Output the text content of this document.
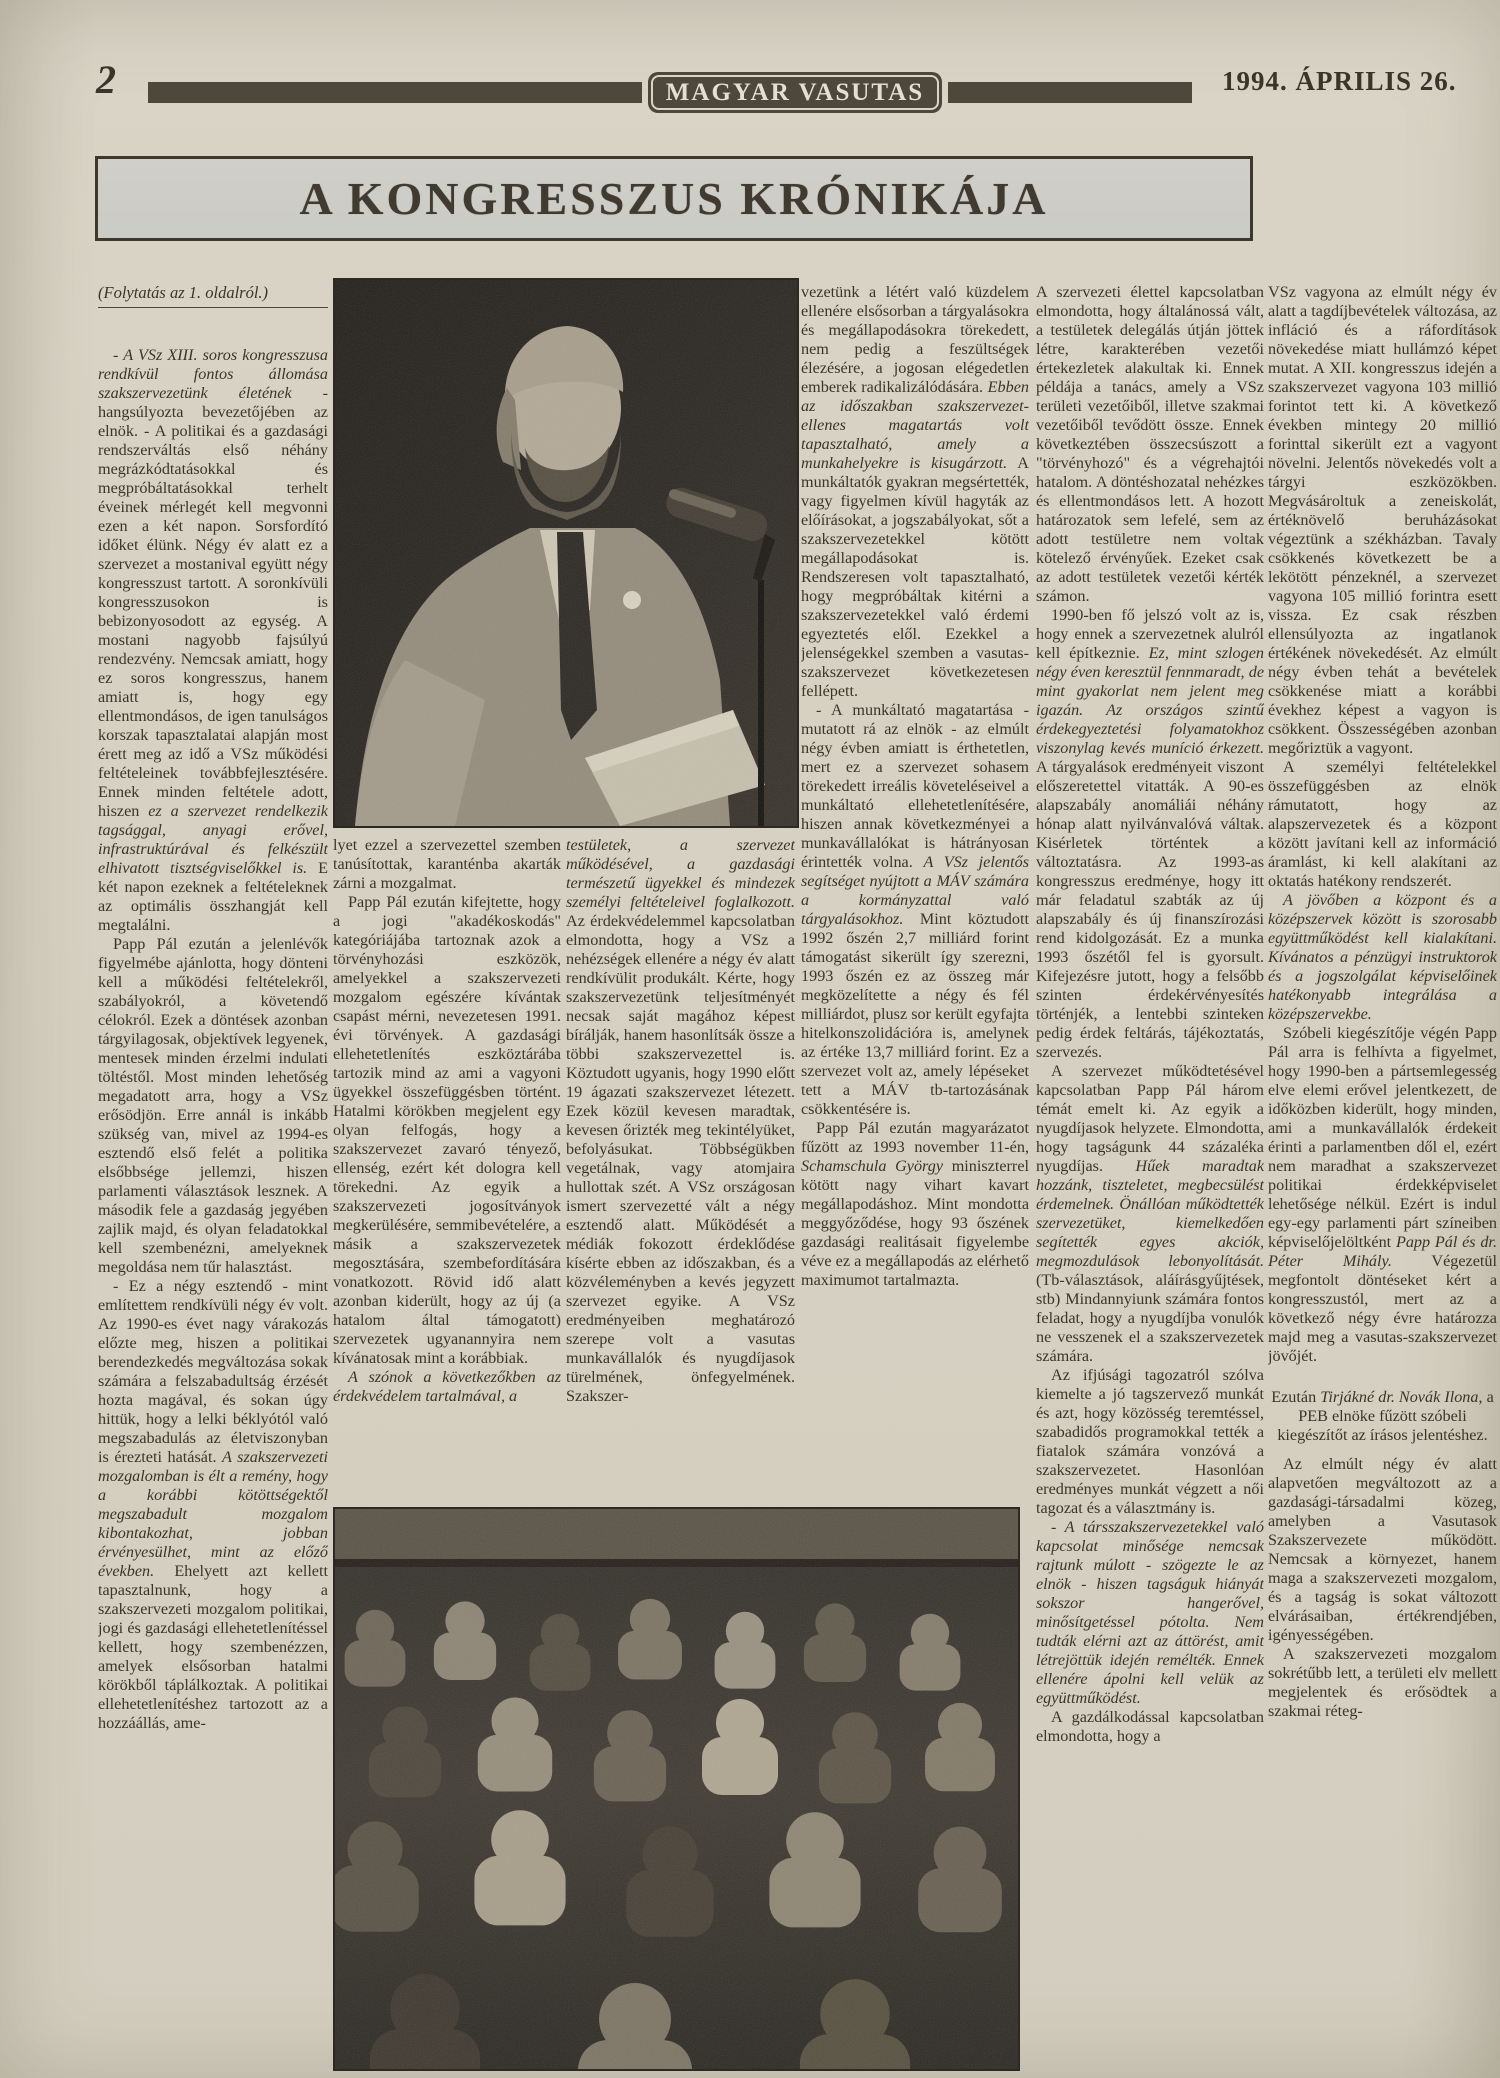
2	MAGYAR VASUTAS	1994. ÁPRILIS 26.
A KONGRESSZUS KRÓNIKÁJA
(Folytatás az 1. oldalról.)

- A VSz XIII. soros kongresszusa rendkívül fontos állomása szakszervezetünk életének - hangsúlyozta bevezetőjében az elnök. - A politikai és a gazdasági rendszerváltás első néhány megrázkódtatásokkal és megpróbáltatásokkal terhelt éveinek mérlegét kell megvonni ezen a két napon. Sorsfordító időket élünk. Négy év alatt ez a szervezet a mostanival együtt négy kongresszust tartott. A soronkívüli kongresszusokon is bebizonyosodott az egység. A mostani nagyobb fajsúlyú rendezvény. Nemcsak amiatt, hogy ez soros kongresszus, hanem amiatt is, hogy egy ellentmondásos, de igen tanulságos korszak tapasztalatai alapján most érett meg az idő a VSz működési feltételeinek továbbfejlesztésére. Ennek minden feltétele adott, hiszen ez a szervezet rendelkezik tagsággal, anyagi erővel, infrastruktúrával és felkészült elhivatott tisztségviselőkkel is. E két napon ezeknek a feltételeknek az optimális összhangját kell megtalálni.

Papp Pál ezután a jelenlévők figyelmébe ajánlotta, hogy dönteni kell a működési feltételekről, szabályokról, a követendő célokról. Ezek a döntések azonban tárgyilagosak, objektívek legyenek, mentesek minden érzelmi indulati töltéstől. Most minden lehetőség megadatott arra, hogy a VSz erősödjön. Erre annál is inkább szükség van, mivel az 1994-es esztendő első felét a politika elsőbbsége jellemzi, hiszen parlamenti választások lesznek. A második fele a gazdaság jegyében zajlik majd, és olyan feladatokkal kell szembenézni, amelyeknek megoldása nem tűr halasztást.

- Ez a négy esztendő - mint említettem rendkívüli négy év volt. Az 1990-es évet nagy várakozás előzte meg, hiszen a politikai berendezkedés megváltozása sokak számára a felszabadultság érzését hozta magával, és sokan úgy hittük, hogy a lelki béklyótól való megszabadulás az életviszonyban is érezteti hatását. A szakszervezeti mozgalomban is élt a remény, hogy a korábbi kötöttségektől megszabadult mozgalom kibontakozhat, jobban érvényesülhet, mint az előző években. Ehelyett azt kellett tapasztalnunk, hogy a szakszervezeti mozgalom politikai, jogi és gazdasági ellehetetlenítéssel kellett, hogy szembenézzen, amelyek elsősorban hatalmi körökből táplálkoztak. A politikai ellehetetlenítéshez tartozott az a hozzáállás, ame-

lyet ezzel a szervezettel szemben tanúsítottak, karanténba akarták zárni a mozgalmat.

Papp Pál ezután kifejtette, hogy a jogi "akadékoskodás" kategóriájába tartoznak azok a törvényhozási eszközök, amelyekkel a szakszervezeti mozgalom egészére kívántak csapást mérni, nevezetesen 1991. évi törvények. A gazdasági ellehetetlenítés eszköztárába tartozik mind az ami a vagyoni ügyekkel összefüggésben történt. Hatalmi körökben megjelent egy olyan felfogás, hogy a szakszervezet zavaró tényező, ellenség, ezért két dologra kell törekedni. Az egyik a szakszervezeti jogosítványok megkerülésére, semmibevételére, a másik a szakszervezetek megosztására, szembefordítására vonatkozott. Rövid idő alatt azonban kiderült, hogy az új (a hatalom által támogatott) szervezetek ugyanannyira nem kívánatosak mint a korábbiak.

A szónok a következőkben az érdekvédelem tartalmával, a

testületek, a szervezet működésével, a gazdasági természetű ügyekkel és mindezek személyi feltételeivel foglalkozott. Az érdekvédelemmel kapcsolatban elmondotta, hogy a VSz a nehézségek ellenére a négy év alatt rendkívülit produkált. Kérte, hogy szakszervezetünk teljesítményét necsak saját magához képest bírálják, hanem hasonlítsák össze a többi szakszervezettel is. Köztudott ugyanis, hogy 1990 előtt 19 ágazati szakszervezet létezett. Ezek közül kevesen maradtak, kevesen őrizték meg tekintélyüket, befolyásukat. Többségükben vegetálnak, vagy atomjaira hullottak szét. A VSz országosan ismert szervezetté vált a négy esztendő alatt. Működését a médiák fokozott érdeklődése kísérte ebben az időszakban, és a közvéleményben a kevés jegyzett szervezet egyike. A VSz eredményeiben meghatározó szerepe volt a vasutas munkavállalók és nyugdíjasok türelmének, önfegyelmének. Szakszer-

vezetünk a létért való küzdelem ellenére elsősorban a tárgyalásokra és megállapodásokra törekedett, nem pedig a feszültségek élezésére, a jogosan elégedetlen emberek radikalizálódására. Ebben az időszakban szakszervezet-ellenes magatartás volt tapasztalható, amely a munkahelyekre is kisugárzott. A munkáltatók gyakran megsértették, vagy figyelmen kívül hagyták az előírásokat, a jogszabályokat, sőt a szakszervezetekkel kötött megállapodásokat is. Rendszeresen volt tapasztalható, hogy megpróbáltak kitérni a szakszervezetekkel való érdemi egyeztetés elől. Ezekkel a jelenségekkel szemben a vasutas-szakszervezet következetesen fellépett.

- A munkáltató magatartása - mutatott rá az elnök - az elmúlt négy évben amiatt is érthetetlen, mert ez a szervezet sohasem törekedett irreális követeléseivel a munkáltató ellehetetlenítésére, hiszen annak következményei a munkavállalókat is hátrányosan érintették volna. A VSz jelentős segítséget nyújtott a MÁV számára a kormányzattal való tárgyalásokhoz. Mint köztudott 1992 őszén 2,7 milliárd forint támogatást sikerült így szerezni, 1993 őszén ez az összeg már megközelítette a négy és fél milliárdot, plusz sor került egyfajta hitelkonszolidációra is, amelynek az értéke 13,7 milliárd forint. Ez a szervezet volt az, amely lépéseket tett a MÁV tb-tartozásának csökkentésére is.

Papp Pál ezután magyarázatot fűzött az 1993 november 11-én, Schamschula György miniszterrel kötött nagy vihart kavart megállapodáshoz. Mint mondotta meggyőződése, hogy 93 őszének gazdasági realitásait figyelembe véve ez a megállapodás az elérhető maximumot tartalmazta.

A szervezeti élettel kapcsolatban elmondotta, hogy általánossá vált, a testületek delegálás útján jöttek létre, karakterében vezetői értekezletek alakultak ki. Ennek példája a tanács, amely a VSz területi vezetőiből, illetve szakmai vezetőiből tevődött össze. Ennek következtében összecsúszott a "törvényhozó" és a végrehajtói hatalom. A döntéshozatal nehézkes és ellentmondásos lett. A hozott határozatok sem lefelé, sem az adott testületre nem voltak kötelező érvényűek. Ezeket csak az adott testületek vezetői kérték számon.

1990-ben fő jelszó volt az is, hogy ennek a szervezetnek alulról kell építkeznie. Ez, mint szlogen négy éven keresztül fennmaradt, de mint gyakorlat nem jelent meg igazán. Az országos szintű érdekegyeztetési folyamatokhoz viszonylag kevés muníció érkezett. A tárgyalások eredményeit viszont előszeretettel vitatták. A 90-es alapszabály anomáliái néhány hónap alatt nyilvánvalóvá váltak. Kisérletek történtek a változtatásra. Az 1993-as kongresszus eredménye, hogy itt már feladatul szabták az új alapszabály és új finanszírozási rend kidolgozását. Ez a munka 1993 őszétől fel is gyorsult. Kifejezésre jutott, hogy a felsőbb szinten érdekérvényesítés történjék, a lentebbi szinteken pedig érdek feltárás, tájékoztatás, szervezés.

A szervezet működtetésével kapcsolatban Papp Pál három témát emelt ki. Az egyik a nyugdíjasok helyzete. Elmondotta, hogy tagságunk 44 százaléka nyugdíjas. Hűek maradtak hozzánk, tiszteletet, megbecsülést érdemelnek. Önállóan működtették szervezetüket, kiemelkedően segítették egyes akciók, megmozdulások lebonyolítását. (Tb-választások, aláírásgyűjtések, stb) Mindannyiunk számára fontos feladat, hogy a nyugdíjba vonulók ne vesszenek el a szakszervezetek számára.

Az ifjúsági tagozatról szólva kiemelte a jó tagszervező munkát és azt, hogy közösség teremtéssel, szabadidős programokkal tették a fiatalok számára vonzóvá a szakszervezetet. Hasonlóan eredményes munkát végzett a női tagozat és a választmány is.

- A társszakszervezetekkel való kapcsolat minősége nemcsak rajtunk múlott - szögezte le az elnök - hiszen tagságuk hiányát sokszor hangerővel, minősítgetéssel pótolta. Nem tudták elérni azt az áttörést, amit létrejöttük idején remélték. Ennek ellenére ápolni kell velük az együttműködést.

A gazdálkodással kapcsolatban elmondotta, hogy a

VSz vagyona az elmúlt négy év alatt a tagdíjbevételek változása, az infláció és a ráfordítások növekedése miatt hullámzó képet mutat. A XII. kongresszus idején a szakszervezet vagyona 103 millió forintot tett ki. A következő években mintegy 20 millió forinttal sikerült ezt a vagyont növelni. Jelentős növekedés volt a tárgyi eszközökben. Megvásároltuk a zeneiskolát, értéknövelő beruházásokat végeztünk a székházban. Tavaly csökkenés következett be a lekötött pénzeknél, a szervezet vagyona 105 millió forintra esett vissza. Ez csak részben ellensúlyozta az ingatlanok értékének növekedését. Az elmúlt négy évben tehát a bevételek csökkenése miatt a korábbi évekhez képest a vagyon is csökkent. Összességében azonban megőriztük a vagyont.

A személyi feltételekkel összefüggésben az elnök rámutatott, hogy az alapszervezetek és a központ között javítani kell az információ áramlást, ki kell alakítani az oktatás hatékony rendszerét.

A jövőben a központ és a középszervek között is szorosabb együttműködést kell kialakítani. Kívánatos a pénzügyi instruktorok és a jogszolgálat képviselőinek hatékonyabb integrálása a középszervekbe.

Szóbeli kiegészítője végén Papp Pál arra is felhívta a figyelmet, hogy 1990-ben a pártsemlegesség elve elemi erővel jelentkezett, de időközben kiderült, hogy minden, ami a munkavállalók érdekeit érinti a parlamentben dől el, ezért nem maradhat a szakszervezet politikai érdekképviselet lehetősége nélkül. Ezért is indul egy-egy parlamenti párt színeiben képviselőjelöltként Papp Pál és dr. Péter Mihály. Végezetül megfontolt döntéseket kért a kongresszustól, mert az a következő négy évre határozza majd meg a vasutas-szakszervezet jövőjét.

Ezután Tirjákné dr. Novák Ilona, a PEB elnöke fűzött szóbeli kiegészítőt az írásos jelentéshez.

Az elmúlt négy év alatt alapvetően megváltozott az a gazdasági-társadalmi közeg, amelyben a Vasutasok Szakszervezete működött. Nemcsak a környezet, hanem maga a szakszervezeti mozgalom, és a tagság is sokat változott elvárásaiban, értékrendjében, igényességében.

A szakszervezeti mozgalom sokrétűbb lett, a területi elv mellett megjelentek és erősödtek a szakmai réteg-
